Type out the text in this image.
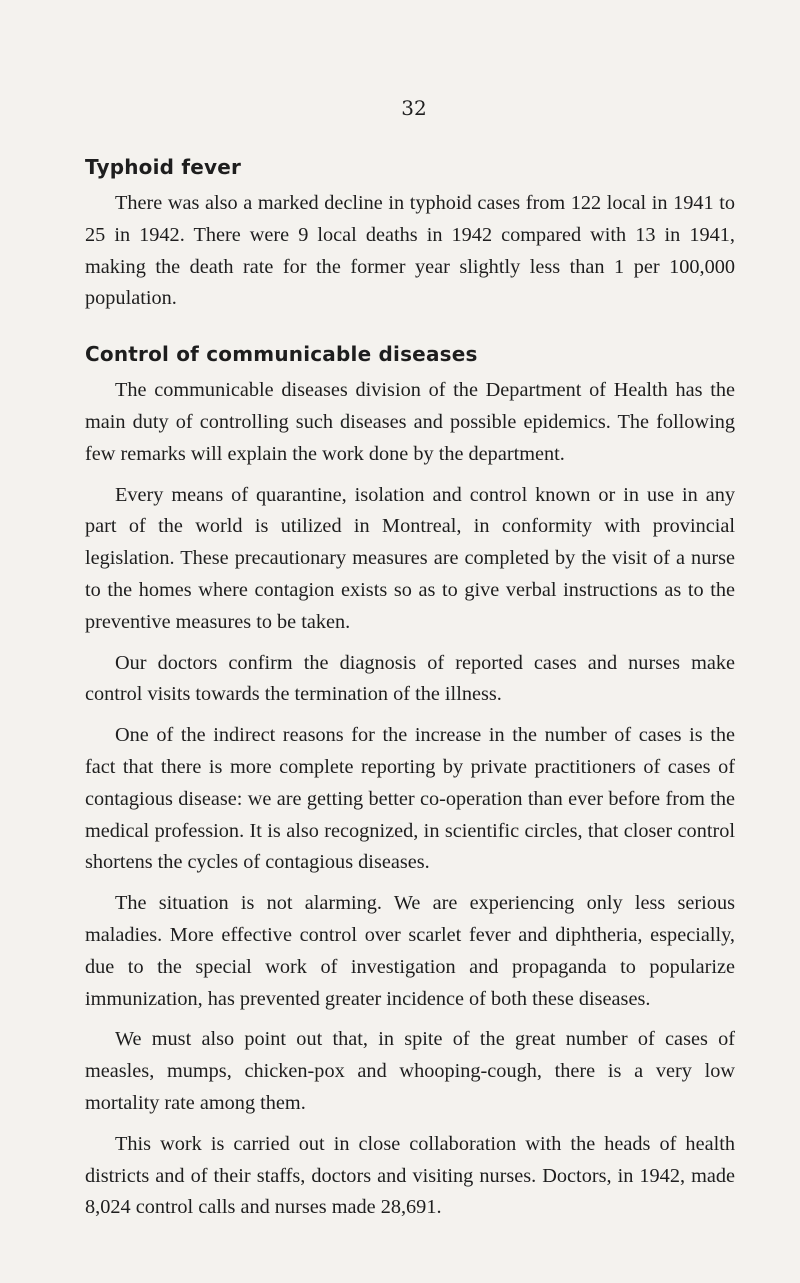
32
Typhoid fever

There was also a marked decline in typhoid cases from 122 local in 1941 to 25 in 1942. There were 9 local deaths in 1942 compared with 13 in 1941, making the death rate for the former year slightly less than 1 per 100,000 population.

Control of communicable diseases

The communicable diseases division of the Department of Health has the main duty of controlling such diseases and possible epidemics. The following few remarks will explain the work done by the department.

Every means of quarantine, isolation and control known or in use in any part of the world is utilized in Montreal, in conformity with provincial legislation. These precautionary measures are completed by the visit of a nurse to the homes where contagion exists so as to give verbal instructions as to the preventive measures to be taken.

Our doctors confirm the diagnosis of reported cases and nurses make control visits towards the termination of the illness.

One of the indirect reasons for the increase in the number of cases is the fact that there is more complete reporting by private practitioners of cases of contagious disease: we are getting better co-operation than ever before from the medical profession. It is also recognized, in scientific circles, that closer control shortens the cycles of contagious diseases.

The situation is not alarming. We are experiencing only less serious maladies. More effective control over scarlet fever and diphtheria, especially, due to the special work of investigation and propaganda to popularize immunization, has prevented greater incidence of both these diseases.

We must also point out that, in spite of the great number of cases of measles, mumps, chicken-pox and whooping-cough, there is a very low mortality rate among them.

This work is carried out in close collaboration with the heads of health districts and of their staffs, doctors and visiting nurses. Doctors, in 1942, made 8,024 control calls and nurses made 28,691.
